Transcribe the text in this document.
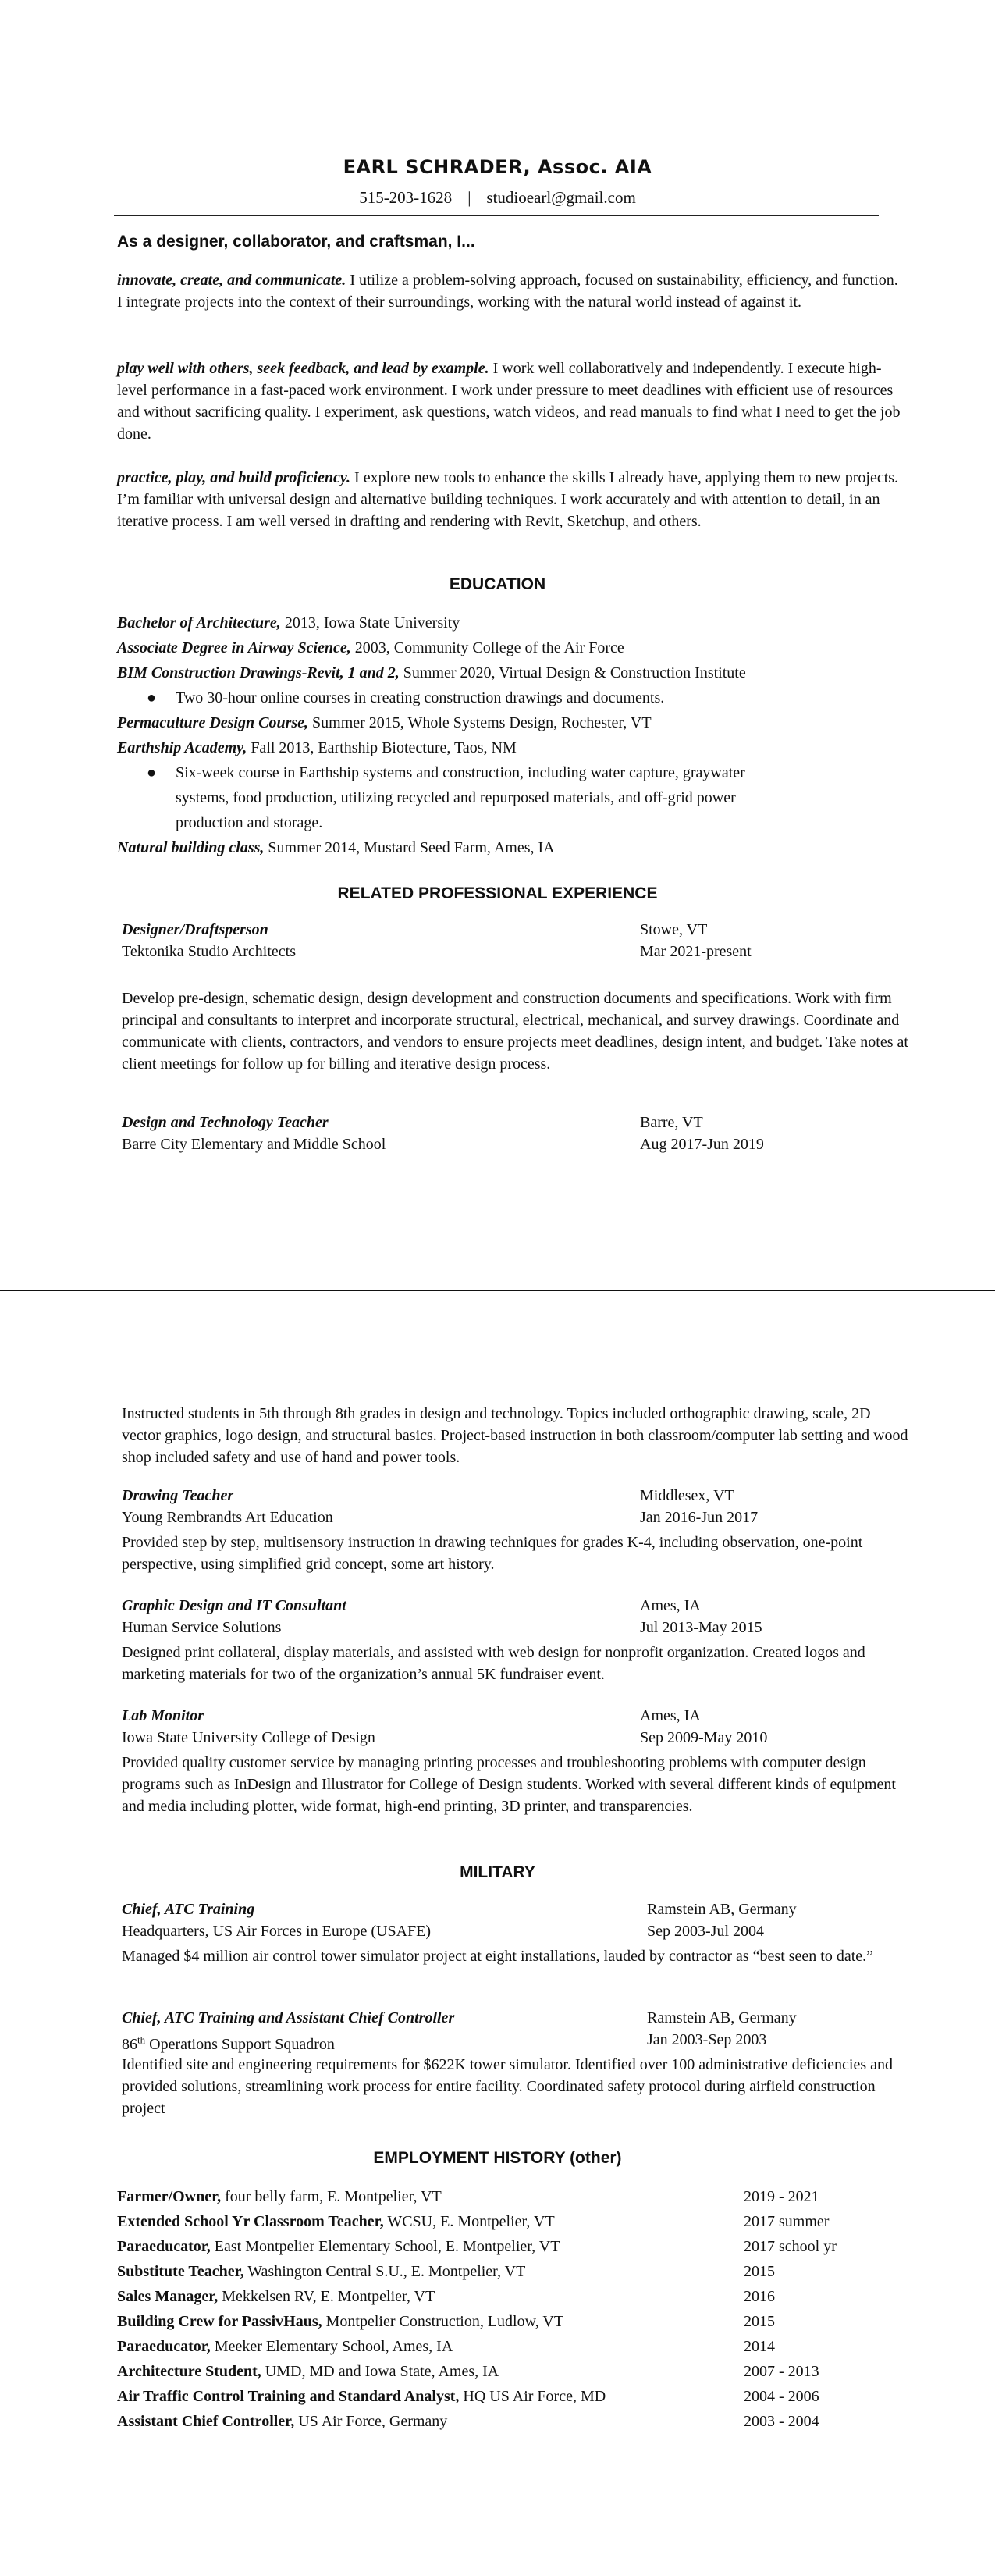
EARL SCHRADER, Assoc. AIA
515-203-1628 | studioearl@gmail.com
As a designer, collaborator, and craftsman, I...

innovate, create, and communicate. I utilize a problem-solving approach, focused on sustainability, efficiency, and function. I integrate projects into the context of their surroundings, working with the natural world instead of against it.

play well with others, seek feedback, and lead by example. I work well collaboratively and independently. I execute high-level performance in a fast-paced work environment. I work under pressure to meet deadlines with efficient use of resources and without sacrificing quality. I experiment, ask questions, watch videos, and read manuals to find what I need to get the job done.

practice, play, and build proficiency. I explore new tools to enhance the skills I already have, applying them to new projects. I’m familiar with universal design and alternative building techniques. I work accurately and with attention to detail, in an iterative process. I am well versed in drafting and rendering with Revit, Sketchup, and others.

EDUCATION
Bachelor of Architecture, 2013, Iowa State University
Associate Degree in Airway Science, 2003, Community College of the Air Force
BIM Construction Drawings-Revit, 1 and 2, Summer 2020, Virtual Design & Construction Institute
● Two 30-hour online courses in creating construction drawings and documents.
Permaculture Design Course, Summer 2015, Whole Systems Design, Rochester, VT
Earthship Academy, Fall 2013, Earthship Biotecture, Taos, NM
● Six-week course in Earthship systems and construction, including water capture, graywater
systems, food production, utilizing recycled and repurposed materials, and off-grid power
production and storage.
Natural building class, Summer 2014, Mustard Seed Farm, Ames, IA
RELATED PROFESSIONAL EXPERIENCE
Designer/Draftsperson	Stowe, VT
Tektonika Studio Architects	Mar 2021-present
Develop pre-design, schematic design, design development and construction documents and specifications. Work with firm principal and consultants to interpret and incorporate structural, electrical, mechanical, and survey drawings. Coordinate and communicate with clients, contractors, and vendors to ensure projects meet deadlines, design intent, and budget. Take notes at client meetings for follow up for billing and iterative design process.
Design and Technology Teacher	Barre, VT
Barre City Elementary and Middle School	Aug 2017-Jun 2019
Instructed students in 5th through 8th grades in design and technology. Topics included orthographic drawing, scale, 2D vector graphics, logo design, and structural basics. Project-based instruction in both classroom/computer lab setting and wood shop included safety and use of hand and power tools.
Drawing Teacher	Middlesex, VT
Young Rembrandts Art Education	Jan 2016-Jun 2017
Provided step by step, multisensory instruction in drawing techniques for grades K-4, including observation, one-point perspective, using simplified grid concept, some art history.
Graphic Design and IT Consultant	Ames, IA
Human Service Solutions	Jul 2013-May 2015
Designed print collateral, display materials, and assisted with web design for nonprofit organization. Created logos and marketing materials for two of the organization’s annual 5K fundraiser event.
Lab Monitor	Ames, IA
Iowa State University College of Design	Sep 2009-May 2010
Provided quality customer service by managing printing processes and troubleshooting problems with computer design programs such as InDesign and Illustrator for College of Design students. Worked with several different kinds of equipment and media including plotter, wide format, high-end printing, 3D printer, and transparencies.
MILITARY
Chief, ATC Training	Ramstein AB, Germany
Headquarters, US Air Forces in Europe (USAFE)	Sep 2003-Jul 2004
Managed $4 million air control tower simulator project at eight installations, lauded by contractor as “best seen to date.”
Chief, ATC Training and Assistant Chief Controller	Ramstein AB, Germany
86th Operations Support Squadron	Jan 2003-Sep 2003
Identified site and engineering requirements for $622K tower simulator. Identified over 100 administrative deficiencies and provided solutions, streamlining work process for entire facility. Coordinated safety protocol during airfield construction project
EMPLOYMENT HISTORY (other)
Farmer/Owner, four belly farm, E. Montpelier, VT	2019 - 2021
Extended School Yr Classroom Teacher, WCSU, E. Montpelier, VT	2017 summer
Paraeducator, East Montpelier Elementary School, E. Montpelier, VT	2017 school yr
Substitute Teacher, Washington Central S.U., E. Montpelier, VT	2015
Sales Manager, Mekkelsen RV, E. Montpelier, VT	2016
Building Crew for PassivHaus, Montpelier Construction, Ludlow, VT	2015
Paraeducator, Meeker Elementary School, Ames, IA	2014
Architecture Student, UMD, MD and Iowa State, Ames, IA	2007 - 2013
Air Traffic Control Training and Standard Analyst, HQ US Air Force, MD	2004 - 2006
Assistant Chief Controller, US Air Force, Germany	2003 - 2004
